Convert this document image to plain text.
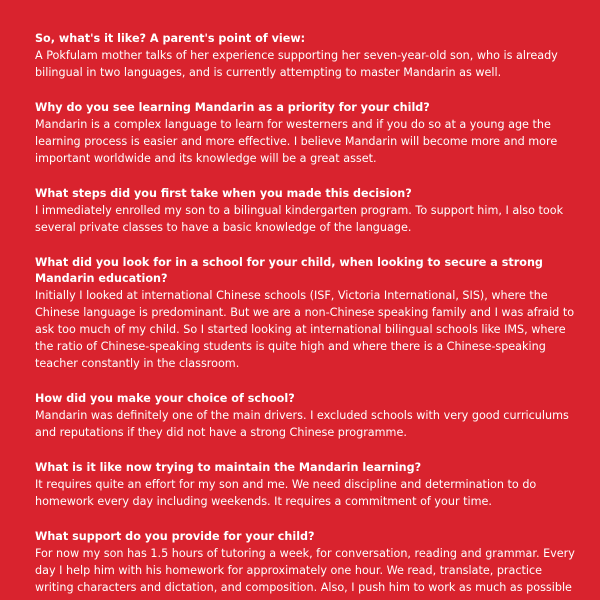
So, what's it like? A parent's point of view:

A Pokfulam mother talks of her experience supporting her seven-year-old son, who is already bilingual in two languages, and is currently attempting to master Mandarin as well.

Why do you see learning Mandarin as a priority for your child?

Mandarin is a complex language to learn for westerners and if you do so at a young age the learning process is easier and more effective. I believe Mandarin will become more and more important worldwide and its knowledge will be a great asset.

What steps did you first take when you made this decision?

I immediately enrolled my son to a bilingual kindergarten program. To support him, I also took several private classes to have a basic knowledge of the language.

What did you look for in a school for your child, when looking to secure a strong Mandarin education?

Initially I looked at international Chinese schools (ISF, Victoria International, SIS), where the Chinese language is predominant. But we are a non-Chinese speaking family and I was afraid to ask too much of my child. So I started looking at international bilingual schools like IMS, where the ratio of Chinese-speaking students is quite high and where there is a Chinese-speaking teacher constantly in the classroom.

How did you make your choice of school?

Mandarin was definitely one of the main drivers. I excluded schools with very good curriculums and reputations if they did not have a strong Chinese programme.

What is it like now trying to maintain the Mandarin learning?

It requires quite an effort for my son and me. We need discipline and determination to do homework every day including weekends. It requires a commitment of your time.

What support do you provide for your child?

For now my son has 1.5 hours of tutoring a week, for conversation, reading and grammar. Every day I help him with his homework for approximately one hour. We read, translate, practice writing characters and dictation, and composition. Also, I push him to work as much as possible
